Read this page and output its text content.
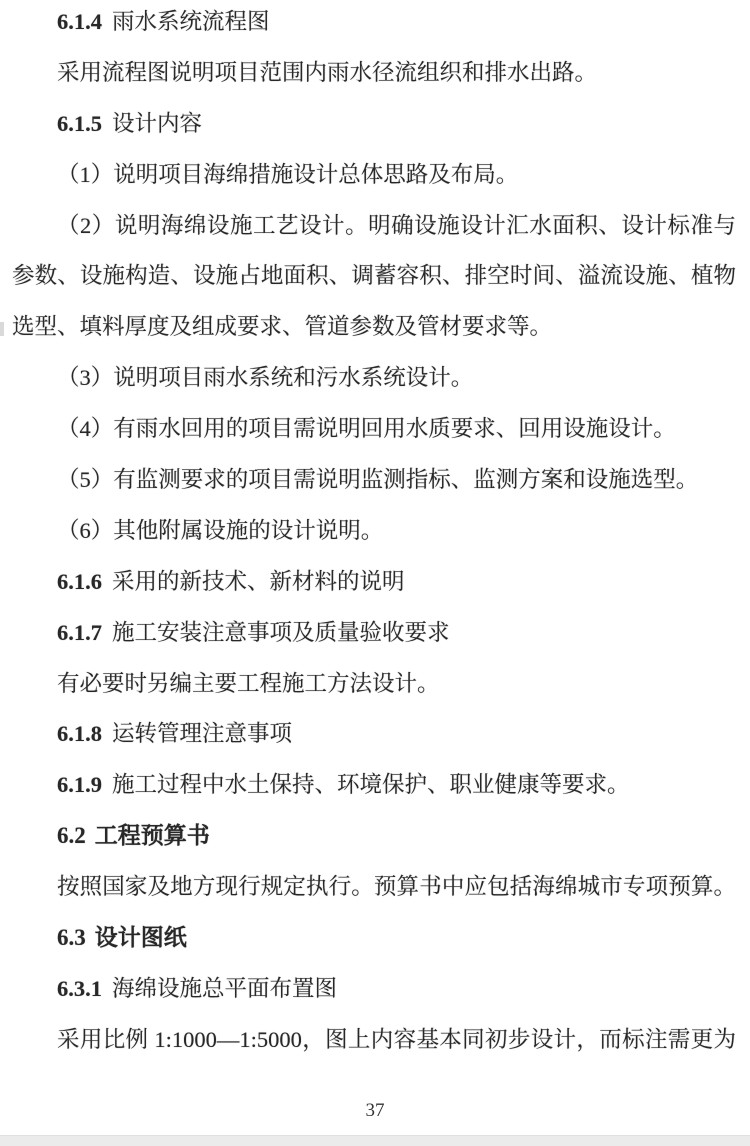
6.1.4 雨水系统流程图
采用流程图说明项目范围内雨水径流组织和排水出路。
6.1.5 设计内容
（1）说明项目海绵措施设计总体思路及布局。
（2）说明海绵设施工艺设计。明确设施设计汇水面积、设计标准与
参数、设施构造、设施占地面积、调蓄容积、排空时间、溢流设施、植物
选型、填料厚度及组成要求、管道参数及管材要求等。
（3）说明项目雨水系统和污水系统设计。
（4）有雨水回用的项目需说明回用水质要求、回用设施设计。
（5）有监测要求的项目需说明监测指标、监测方案和设施选型。
（6）其他附属设施的设计说明。
6.1.6 采用的新技术、新材料的说明
6.1.7 施工安装注意事项及质量验收要求
有必要时另编主要工程施工方法设计。
6.1.8 运转管理注意事项
6.1.9 施工过程中水土保持、环境保护、职业健康等要求。
6.2 工程预算书
按照国家及地方现行规定执行。预算书中应包括海绵城市专项预算。
6.3 设计图纸
6.3.1 海绵设施总平面布置图
采用比例 1:1000—1:5000，图上内容基本同初步设计，而标注需更为
37
